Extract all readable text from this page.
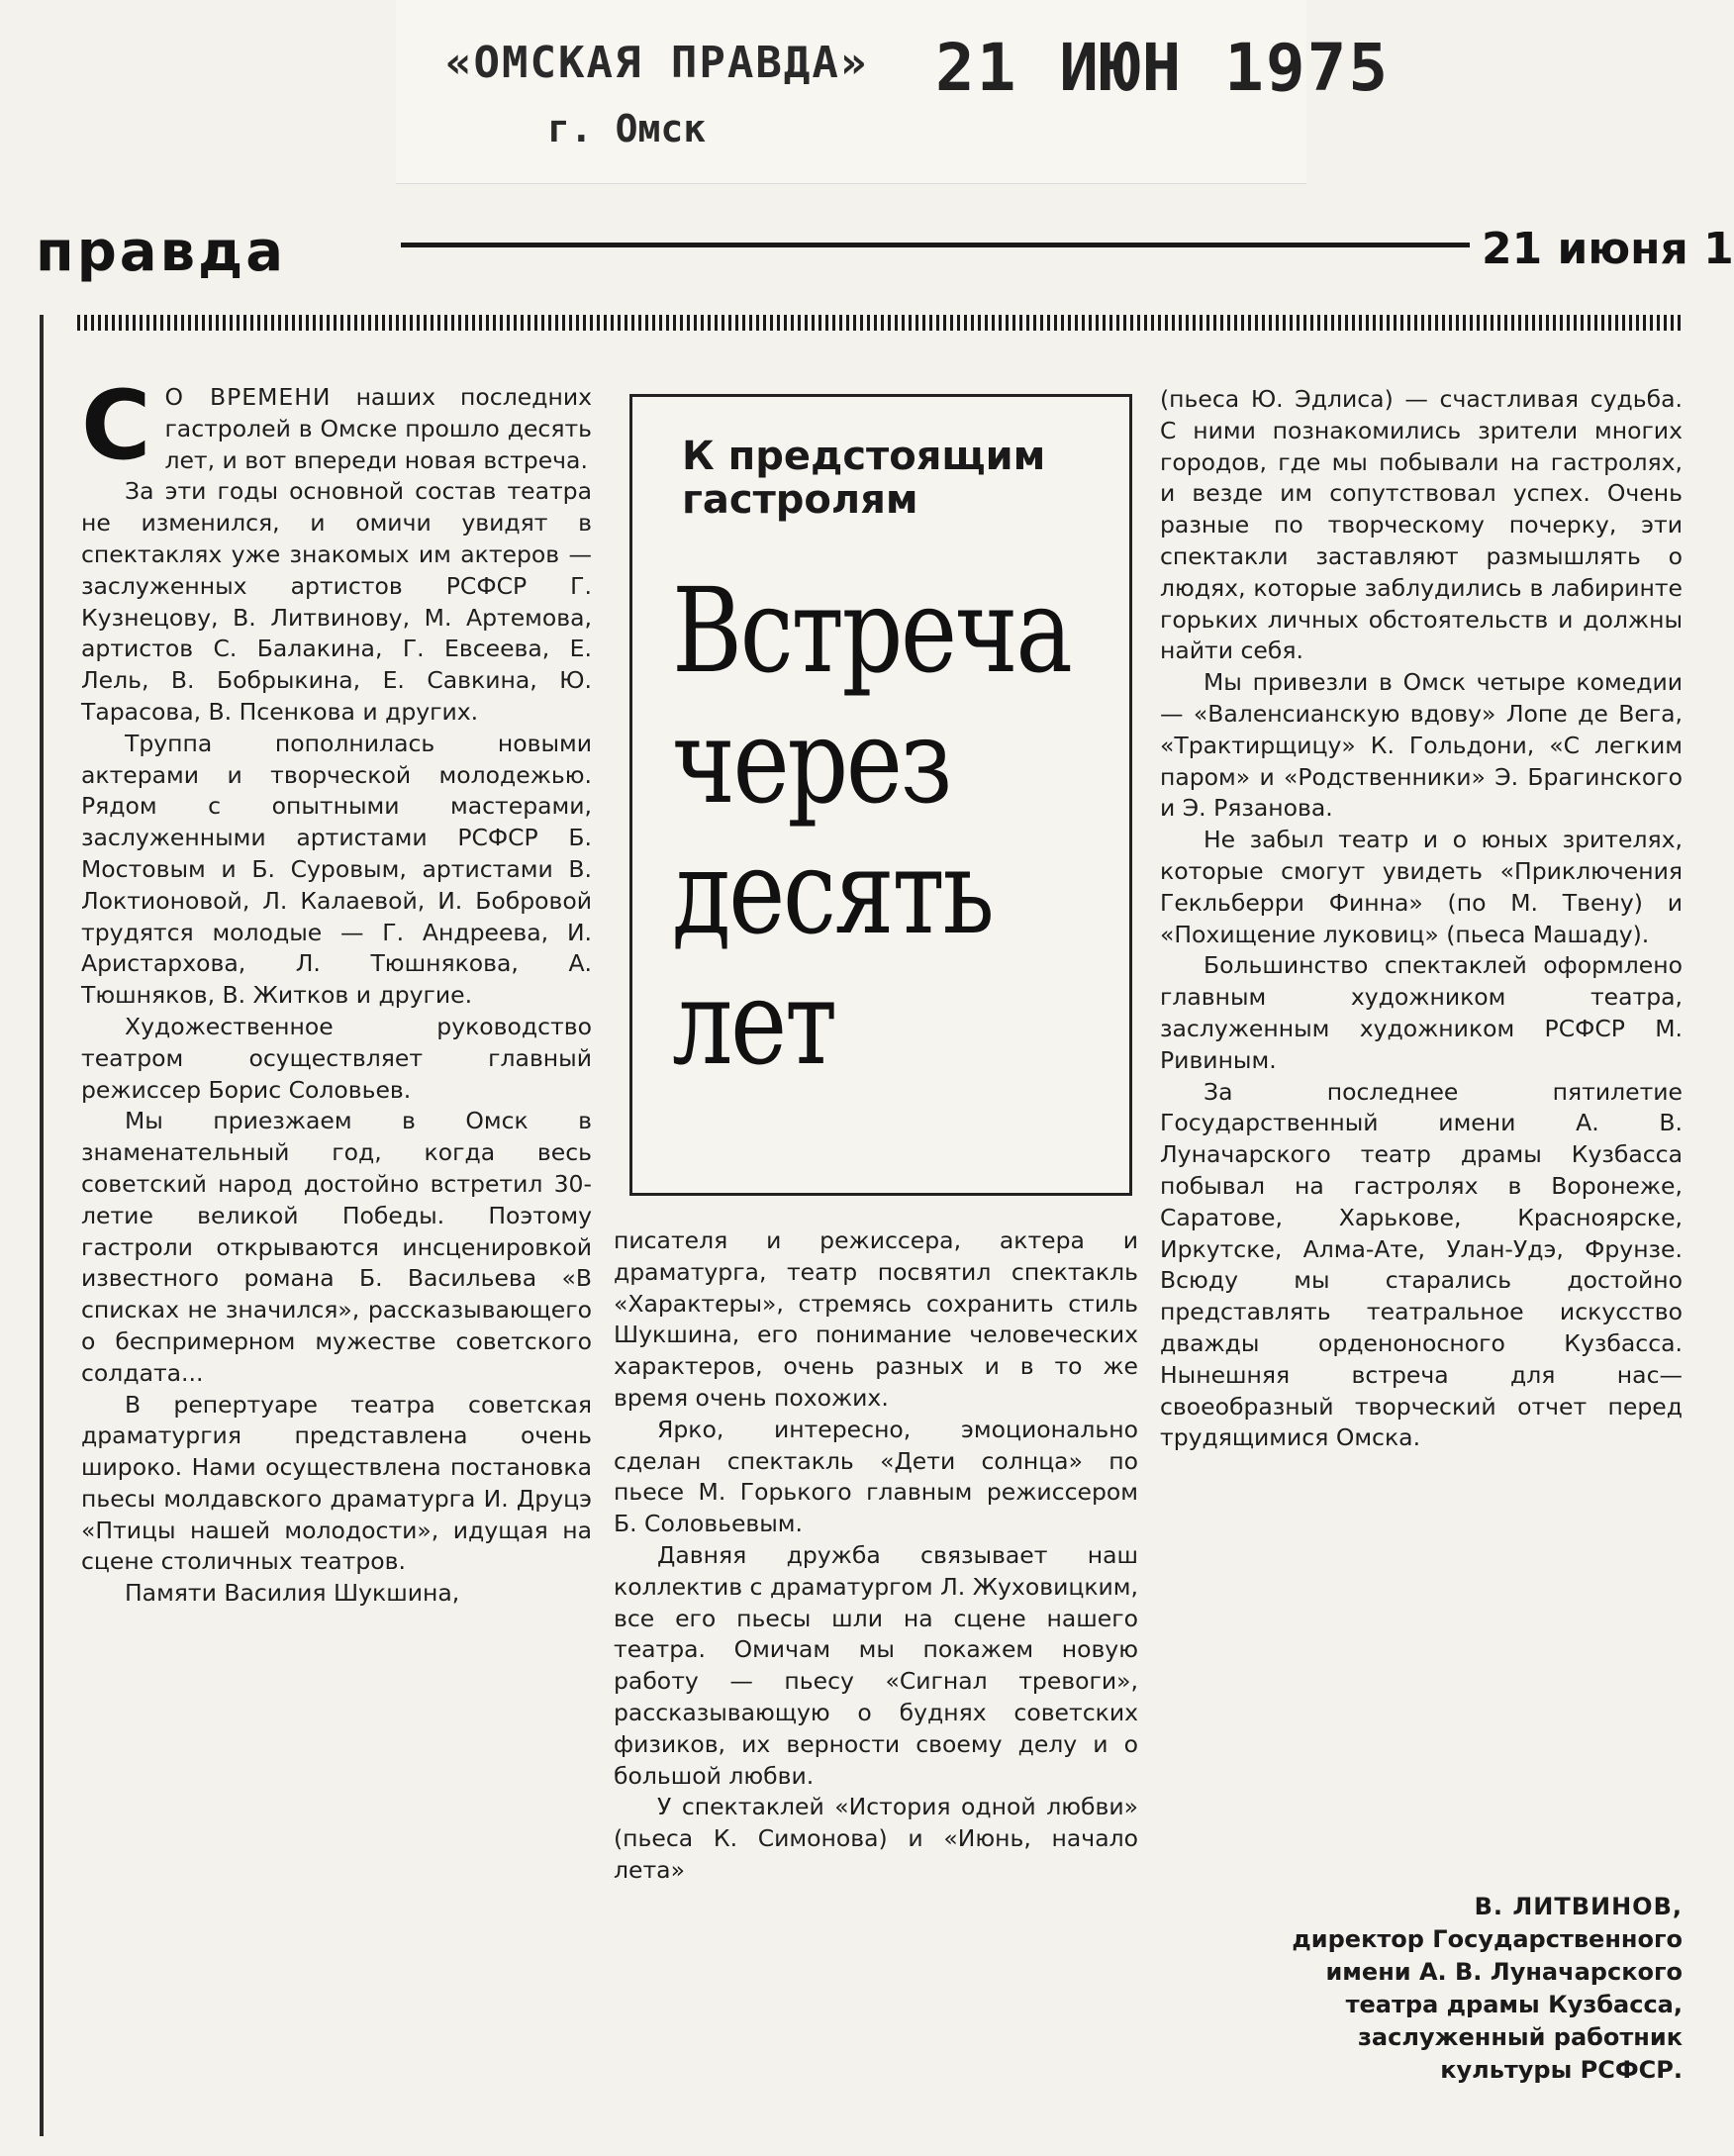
«ОМСКАЯ ПРАВДА» 21 ИЮН 1975
г. Омск
правда	21 июня 1

С О ВРЕМЕНИ наших последних гастролей в Омске прошло десять лет, и вот впереди новая встреча.

За эти годы основной состав театра не изменился, и омичи увидят в спектаклях уже знакомых им актеров — заслуженных артистов РСФСР Г. Кузнецову, В. Литвинову, М. Артемова, артистов С. Балакина, Г. Евсеева, Е. Лель, В. Бобрыкина, Е. Савкина, Ю. Тарасова, В. Псенкова и других.

Труппа пополнилась новыми актерами и творческой молодежью. Рядом с опытными мастерами, заслуженными артистами РСФСР Б. Мостовым и Б. Суровым, артистами В. Локтионовой, Л. Калаевой, И. Бобровой трудятся молодые — Г. Андреева, И. Аристархова, Л. Тюшнякова, А. Тюшняков, В. Житков и другие.

Художественное руководство театром осуществляет главный режиссер Борис Соловьев.

Мы приезжаем в Омск в знаменательный год, когда весь советский народ достойно встретил 30-летие великой Победы. Поэтому гастроли открываются инсценировкой известного романа Б. Васильева «В списках не значился», рассказывающего о беспримерном мужестве советского солдата...

В репертуаре театра советская драматургия представлена очень широко. Нами осуществлена постановка пьесы молдавского драматурга И. Друцэ «Птицы нашей молодости», идущая на сцене столичных театров.

Памяти Василия Шукшина,

К предстоящим гастролям
Встреча
через
десять
лет

писателя и режиссера, актера и драматурга, театр посвятил спектакль «Характеры», стремясь сохранить стиль Шукшина, его понимание человеческих характеров, очень разных и в то же время очень похожих.

Ярко, интересно, эмоционально сделан спектакль «Дети солнца» по пьесе М. Горького главным режиссером Б. Соловьевым.

Давняя дружба связывает наш коллектив с драматургом Л. Жуховицким, все его пьесы шли на сцене нашего театра. Омичам мы покажем новую работу — пьесу «Сигнал тревоги», рассказывающую о буднях советских физиков, их верности своему делу и о большой любви.

У спектаклей «История одной любви» (пьеса К. Симонова) и «Июнь, начало лета»

(пьеса Ю. Эдлиса) — счастливая судьба. С ними познакомились зрители многих городов, где мы побывали на гастролях, и везде им сопутствовал успех. Очень разные по творческому почерку, эти спектакли заставляют размышлять о людях, которые заблудились в лабиринте горьких личных обстоятельств и должны найти себя.

Мы привезли в Омск четыре комедии — «Валенсианскую вдову» Лопе де Вега, «Трактирщицу» К. Гольдони, «С легким паром» и «Родственники» Э. Брагинского и Э. Рязанова.

Не забыл театр и о юных зрителях, которые смогут увидеть «Приключения Гекльберри Финна» (по М. Твену) и «Похищение луковиц» (пьеса Машаду).

Большинство спектаклей оформлено главным художником театра, заслуженным художником РСФСР М. Ривиным.

За последнее пятилетие Государственный имени А. В. Луначарского театр драмы Кузбасса побывал на гастролях в Воронеже, Саратове, Харькове, Красноярске, Иркутске, Алма-Ате, Улан-Удэ, Фрунзе. Всюду мы старались достойно представлять театральное искусство дважды орденоносного Кузбасса. Нынешняя встреча для нас—своеобразный творческий отчет перед трудящимися Омска.

В. ЛИТВИНОВ,
директор Государственного
имени А. В. Луначарского
театра драмы Кузбасса,
заслуженный работник
культуры РСФСР.
